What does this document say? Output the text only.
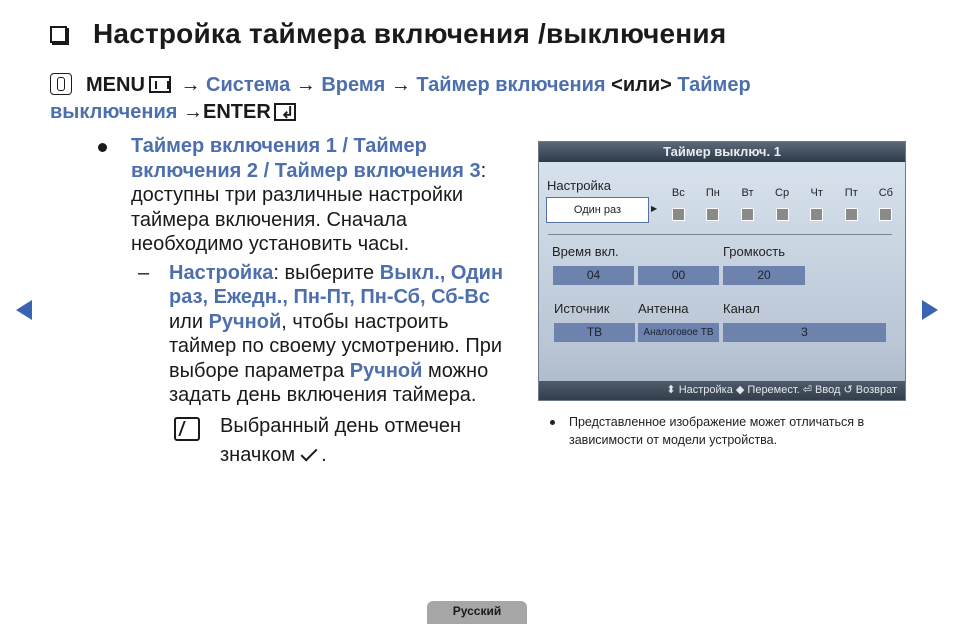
Настройка таймера включения /выключения
MENU → Система → Время → Таймер включения <или> Таймер выключения →ENTER↲
Таймер включения 1 / Таймер включения 2 / Таймер включения 3: доступны три различные настройки таймера включения. Сначала необходимо установить часы.
– Настройка: выберите Выкл., Один раз, Ежедн., Пн-Пт, Пн-Сб, Сб-Вс или Ручной, чтобы настроить таймер по своему усмотрению. При выборе параметра Ручной можно задать день включения таймера.
Выбранный день отмечен значком .
Таймер выключ. 1
Настройка
Один раз	▶
Вс	Пн	Вт	Ср	Чт	Пт	Сб
Время вкл.	Громкость
04	00	20
Источник Антенна	Канал
ТВ	Аналоговое ТВ	3
⬍ Настройка ◆ Перемест. ⏎ Ввод ↺ Возврат
Представленное изображение может отличаться в зависимости от модели устройства.
Русский
